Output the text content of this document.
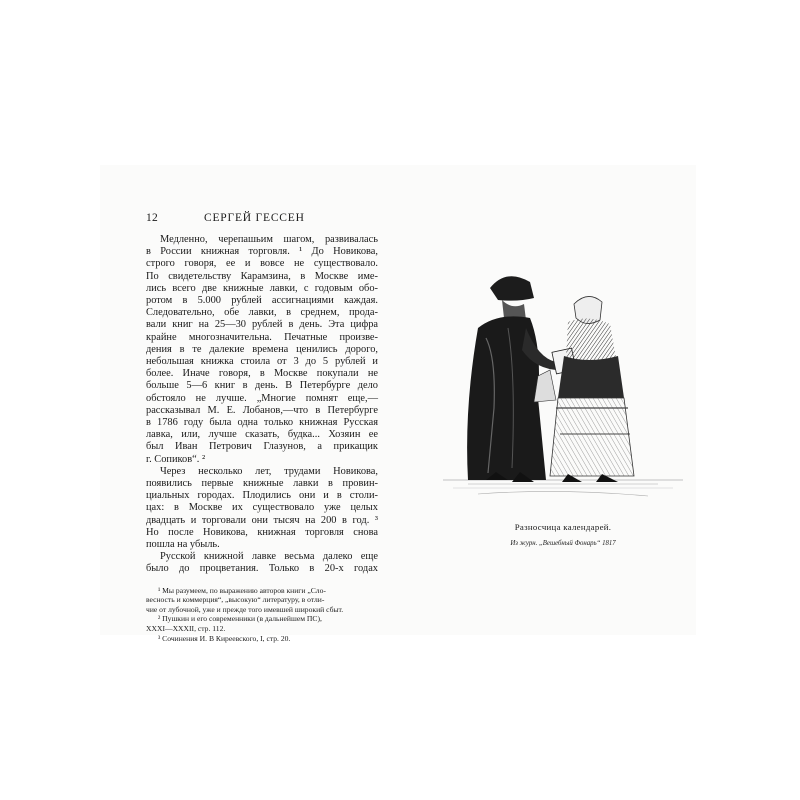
12	СЕРГЕЙ ГЕССЕН
Медленно, черепашьим шагом, развивалась
в России книжная торговля. ¹ До Новикова,
строго говоря, ее и вовсе не существовало.
По свидетельству Карамзина, в Москве име-
лись всего две книжные лавки, с годовым обо-
ротом в 5.000 рублей ассигнациями каждая.
Следовательно, обе лавки, в среднем, прода-
вали книг на 25—30 рублей в день. Эта цифра
крайне многозначительна. Печатные произве-
дения в те далекие времена ценились дорого,
небольшая книжка стоила от 3 до 5 рублей и
более. Иначе говоря, в Москве покупали не
больше 5—6 книг в день. В Петербурге дело
обстояло не лучше. „Многие помнят еще,—
рассказывал М. Е. Лобанов,—что в Петербурге
в 1786 году была одна только книжная Русская
лавка, или, лучше сказать, будка... Хозяин ее
был Иван Петрович Глазунов, а прикащик
г. Сопиков“. ²
Через несколько лет, трудами Новикова,
появились первые книжные лавки в провин-
циальных городах. Плодились они и в столи-
цах: в Москве их существовало уже целых
двадцать и торговали они тысяч на 200 в год. ³
Но после Новикова, книжная торговля снова
пошла на убыль.
Русской книжной лавке весьма далеко еще
было до процветания. Только в 20-х годах
¹ Мы разумеем, по выражению авторов книги „Сло-
весность и коммерция“, „высокую“ литературу, в отли-
чие от лубочной, уже и прежде того имевшей широкий сбыт.
² Пушкин и его современники (в дальнейшем ПС),
XXXI—XXXII, стр. 112.
³ Сочинения И. В Киреевского, I, стр. 20.
Разносчица календарей.
Из журн. „Вешебный Фонарь“ 1817
